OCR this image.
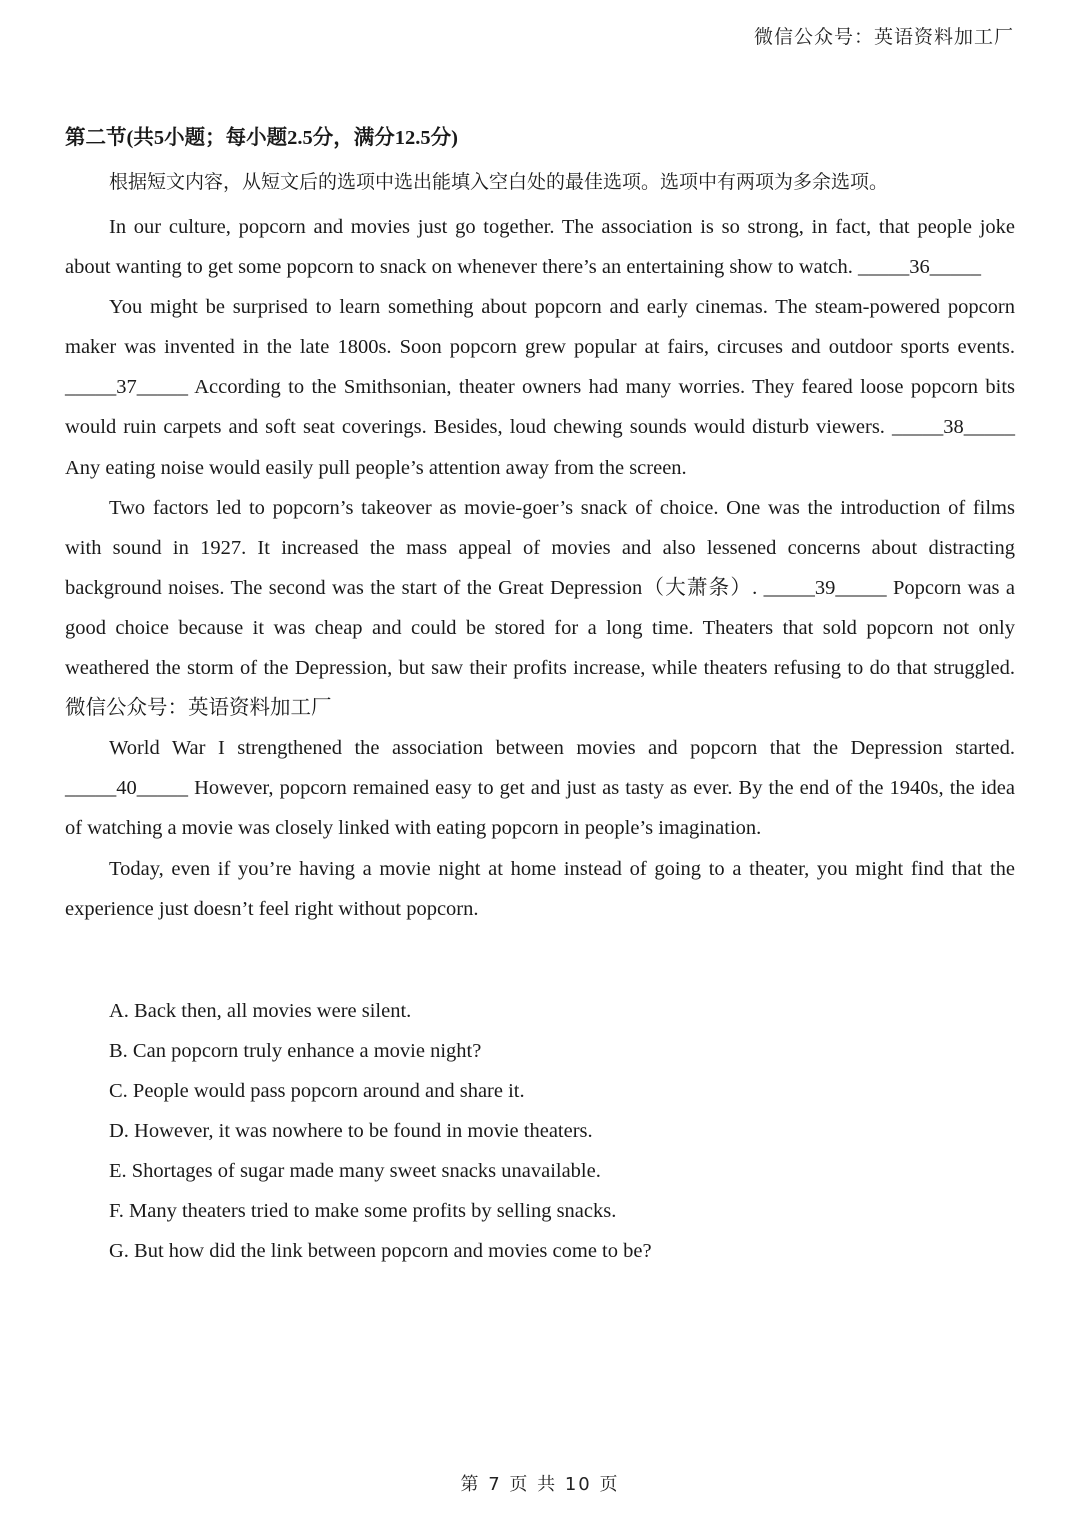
微信公众号：英语资料加工厂
第二节(共5小题；每小题2.5分，满分12.5分)
根据短文内容，从短文后的选项中选出能填入空白处的最佳选项。选项中有两项为多余选项。

In our culture, popcorn and movies just go together. The association is so strong, in fact, that people joke about wanting to get some popcorn to snack on whenever there’s an entertaining show to watch. _____36_____

You might be surprised to learn something about popcorn and early cinemas. The steam-powered popcorn maker was invented in the late 1800s. Soon popcorn grew popular at fairs, circuses and outdoor sports events. _____37_____ According to the Smithsonian, theater owners had many worries. They feared loose popcorn bits would ruin carpets and soft seat coverings. Besides, loud chewing sounds would disturb viewers. _____38_____ Any eating noise would easily pull people’s attention away from the screen.

Two factors led to popcorn’s takeover as movie-goer’s snack of choice. One was the introduction of films with sound in 1927. It increased the mass appeal of movies and also lessened concerns about distracting background noises. The second was the start of the Great Depression（大萧条）. _____39_____ Popcorn was a good choice because it was cheap and could be stored for a long time. Theaters that sold popcorn not only weathered the storm of the Depression, but saw their profits increase, while theaters refusing to do that struggled. 微信公众号：英语资料加工厂

World War I strengthened the association between movies and popcorn that the Depression started. _____40_____ However, popcorn remained easy to get and just as tasty as ever. By the end of the 1940s, the idea of watching a movie was closely linked with eating popcorn in people’s imagination.

Today, even if you’re having a movie night at home instead of going to a theater, you might find that the experience just doesn’t feel right without popcorn.

A. Back then, all movies were silent.
B. Can popcorn truly enhance a movie night?
C. People would pass popcorn around and share it.
D. However, it was nowhere to be found in movie theaters.
E. Shortages of sugar made many sweet snacks unavailable.
F. Many theaters tried to make some profits by selling snacks.
G. But how did the link between popcorn and movies come to be?
第 7 页 共 10 页
